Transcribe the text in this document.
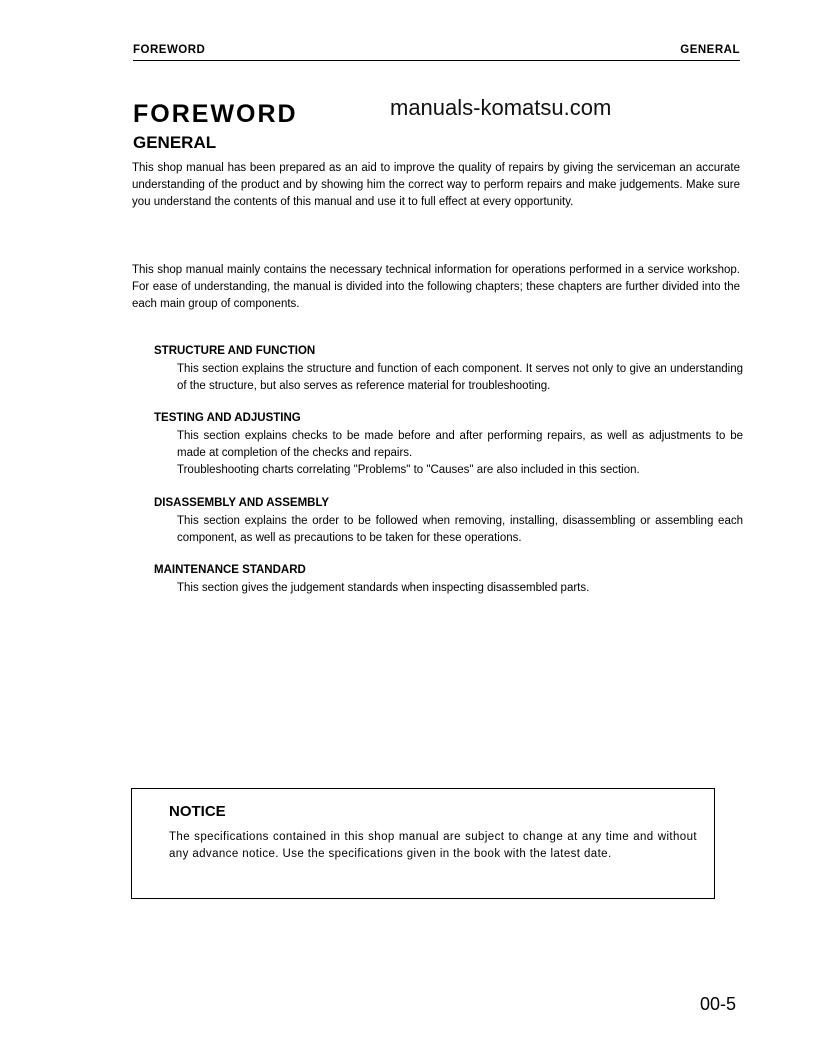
FOREWORD	GENERAL
FOREWORD	manuals-komatsu.com
GENERAL
This shop manual has been prepared as an aid to improve the quality of repairs by giving the serviceman an accurate understanding of the product and by showing him the correct way to perform repairs and make judgements. Make sure you understand the contents of this manual and use it to full effect at every opportunity.
This shop manual mainly contains the necessary technical information for operations performed in a service workshop. For ease of understanding, the manual is divided into the following chapters; these chapters are further divided into the each main group of components.
STRUCTURE AND FUNCTION

This section explains the structure and function of each component. It serves not only to give an understanding of the structure, but also serves as reference material for troubleshooting.

TESTING AND ADJUSTING

This section explains checks to be made before and after performing repairs, as well as adjustments to be made at completion of the checks and repairs.

Troubleshooting charts correlating "Problems" to "Causes" are also included in this section.

DISASSEMBLY AND ASSEMBLY

This section explains the order to be followed when removing, installing, disassembling or assembling each component, as well as precautions to be taken for these operations.

MAINTENANCE STANDARD

This section gives the judgement standards when inspecting disassembled parts.

NOTICE
The specifications contained in this shop manual are subject to change at any time and without any advance notice. Use the specifications given in the book with the latest date.
00-5
